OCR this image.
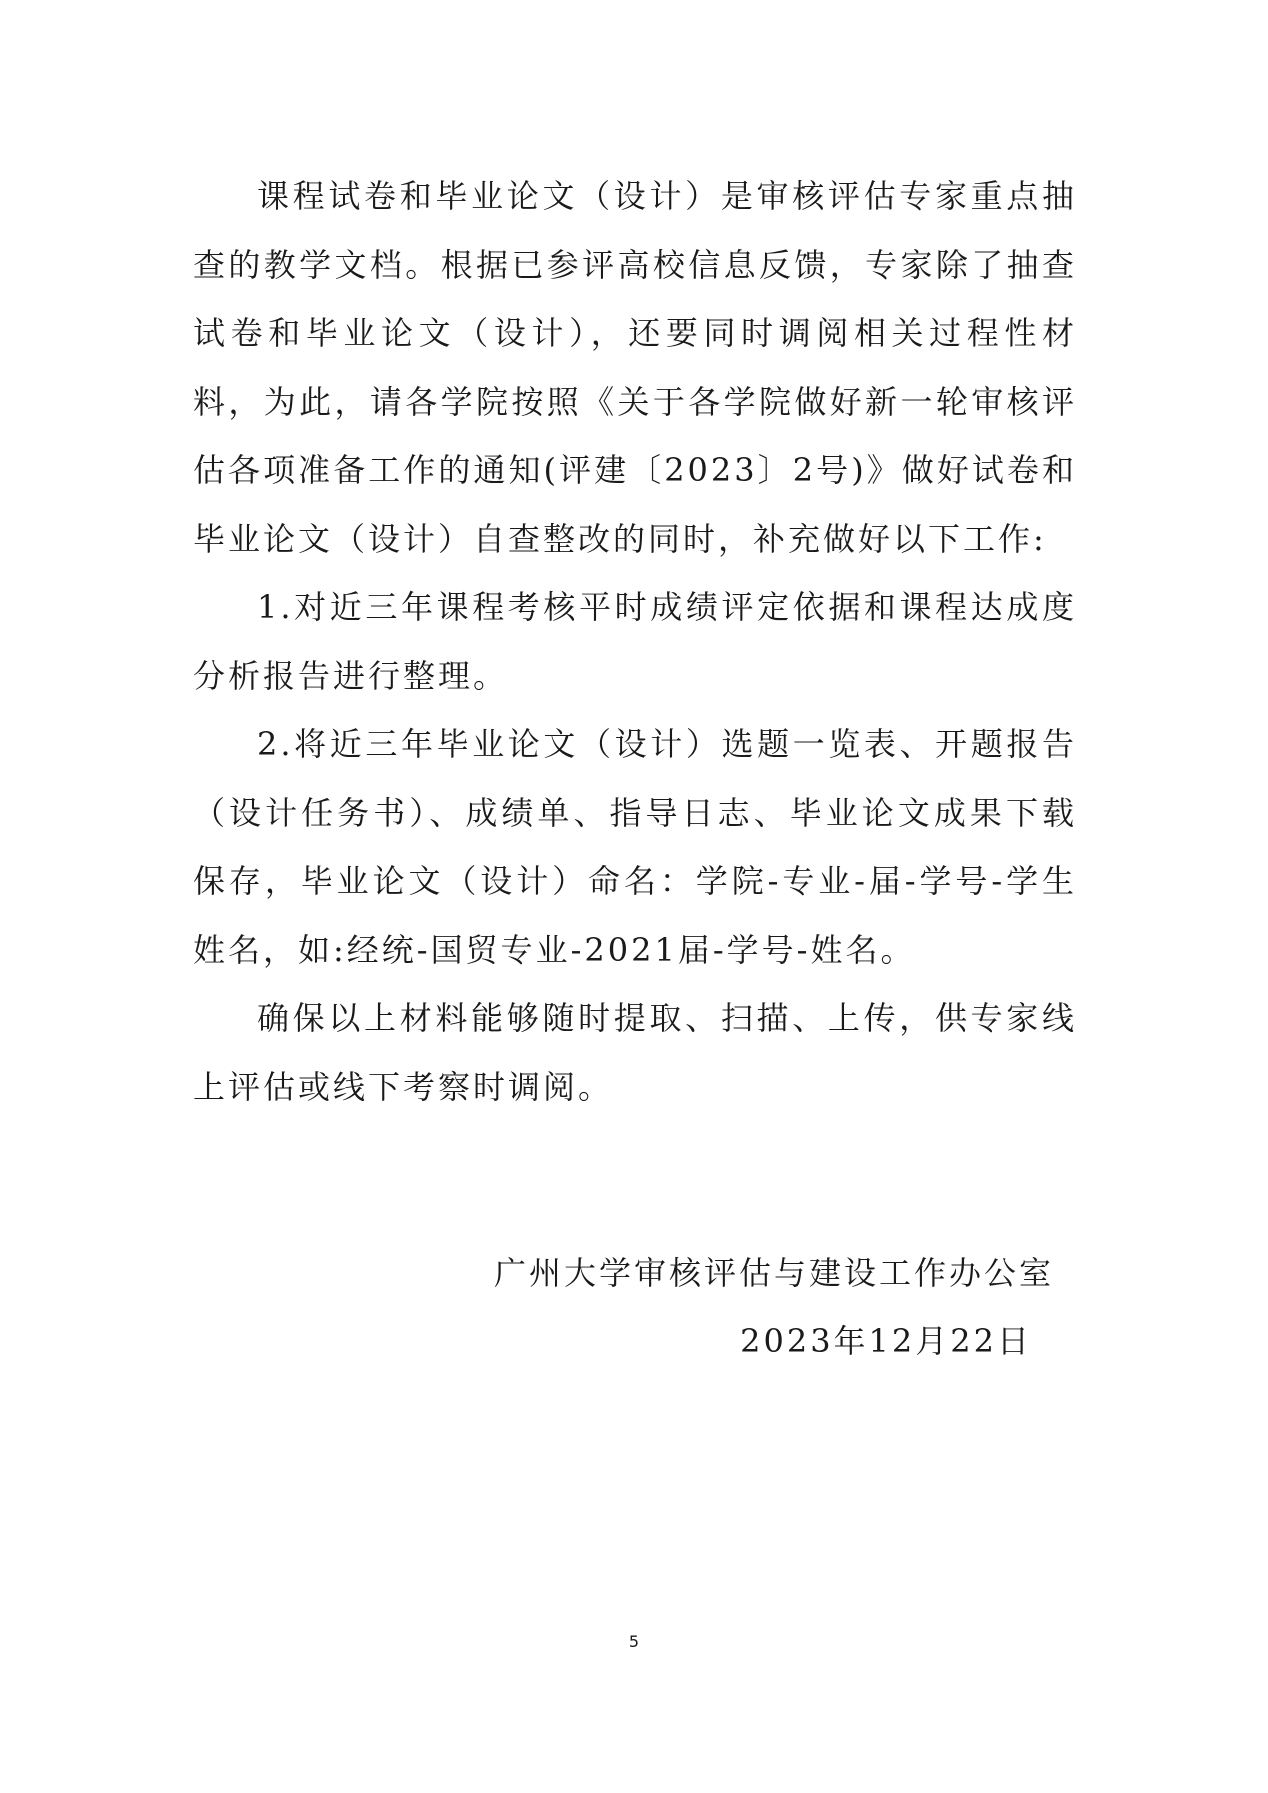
课程试卷和毕业论文（设计）是审核评估专家重点抽查的教学文档。根据已参评高校信息反馈，专家除了抽查试卷和毕业论文（设计），还要同时调阅相关过程性材料，为此，请各学院按照《关于各学院做好新一轮审核评估各项准备工作的通知(评建〔2023〕2号)》做好试卷和毕业论文（设计）自查整改的同时，补充做好以下工作:

1.对近三年课程考核平时成绩评定依据和课程达成度分析报告进行整理。

2.将近三年毕业论文（设计）选题一览表、开题报告（设计任务书）、成绩单、指导日志、毕业论文成果下载保存，毕业论文（设计）命名：学院-专业-届-学号-学生姓名，如:经统-国贸专业-2021届-学号-姓名。

确保以上材料能够随时提取、扫描、上传，供专家线上评估或线下考察时调阅。

广州大学审核评估与建设工作办公室
2023年12月22日
5
